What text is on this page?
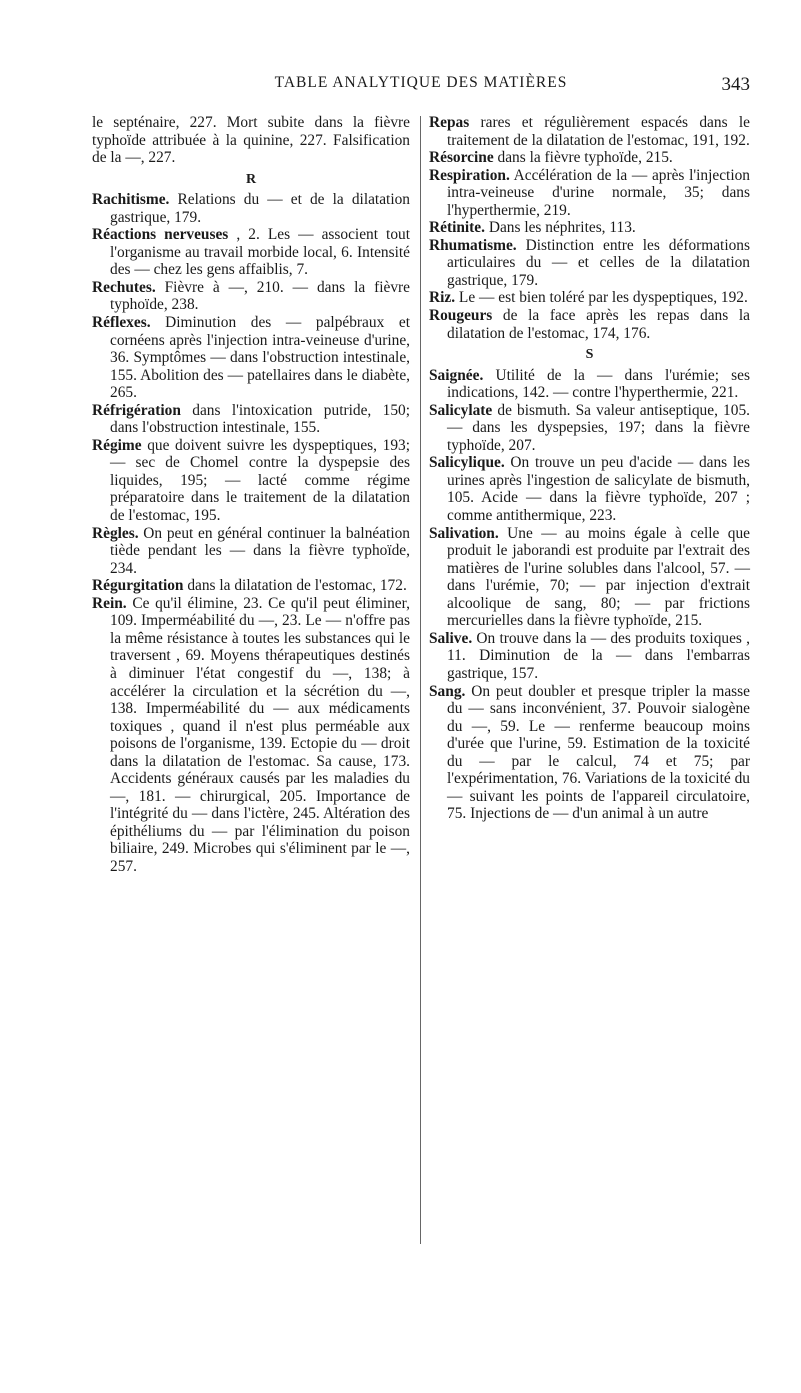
TABLE ANALYTIQUE DES MATIÈRES	343

le septénaire, 227. Mort subite dans la fièvre typhoïde attribuée à la quinine, 227. Falsification de la —, 227.

R

Rachitisme. Relations du — et de la dilatation gastrique, 179.

Réactions nerveuses , 2. Les — associent tout l'organisme au travail morbide local, 6. Intensité des — chez les gens affaiblis, 7.

Rechutes. Fièvre à —, 210. — dans la fièvre typhoïde, 238.

Réflexes. Diminution des — palpébraux et cornéens après l'injection intra-veineuse d'urine, 36. Symptômes — dans l'obstruction intestinale, 155. Abolition des — patellaires dans le diabète, 265.

Réfrigération dans l'intoxication putride, 150; dans l'obstruction intestinale, 155.

Régime que doivent suivre les dyspeptiques, 193; — sec de Chomel contre la dyspepsie des liquides, 195; — lacté comme régime préparatoire dans le traitement de la dilatation de l'estomac, 195.

Règles. On peut en général continuer la balnéation tiède pendant les — dans la fièvre typhoïde, 234.

Régurgitation dans la dilatation de l'estomac, 172.

Rein. Ce qu'il élimine, 23. Ce qu'il peut éliminer, 109. Imperméabilité du —, 23. Le — n'offre pas la même résistance à toutes les substances qui le traversent , 69. Moyens thérapeutiques destinés à diminuer l'état congestif du —, 138; à accélérer la circulation et la sécrétion du —, 138. Imperméabilité du — aux médicaments toxiques , quand il n'est plus perméable aux poisons de l'organisme, 139. Ectopie du — droit dans la dilatation de l'estomac. Sa cause, 173. Accidents généraux causés par les maladies du —, 181. — chirurgical, 205. Importance de l'intégrité du — dans l'ictère, 245. Altération des épithéliums du — par l'élimination du poison biliaire, 249. Microbes qui s'éliminent par le —, 257.

Repas rares et régulièrement espacés dans le traitement de la dilatation de l'estomac, 191, 192.

Résorcine dans la fièvre typhoïde, 215.

Respiration. Accélération de la — après l'injection intra-veineuse d'urine normale, 35; dans l'hyperthermie, 219.

Rétinite. Dans les néphrites, 113.

Rhumatisme. Distinction entre les déformations articulaires du — et celles de la dilatation gastrique, 179.

Riz. Le — est bien toléré par les dyspeptiques, 192.

Rougeurs de la face après les repas dans la dilatation de l'estomac, 174, 176.

S

Saignée. Utilité de la — dans l'urémie; ses indications, 142. — contre l'hyperthermie, 221.

Salicylate de bismuth. Sa valeur antiseptique, 105. — dans les dyspepsies, 197; dans la fièvre typhoïde, 207.

Salicylique. On trouve un peu d'acide — dans les urines après l'ingestion de salicylate de bismuth, 105. Acide — dans la fièvre typhoïde, 207 ; comme antithermique, 223.

Salivation. Une — au moins égale à celle que produit le jaborandi est produite par l'extrait des matières de l'urine solubles dans l'alcool, 57. — dans l'urémie, 70; — par injection d'extrait alcoolique de sang, 80; — par frictions mercurielles dans la fièvre typhoïde, 215.

Salive. On trouve dans la — des produits toxiques , 11. Diminution de la — dans l'embarras gastrique, 157.

Sang. On peut doubler et presque tripler la masse du — sans inconvénient, 37. Pouvoir sialogène du —, 59. Le — renferme beaucoup moins d'urée que l'urine, 59. Estimation de la toxicité du — par le calcul, 74 et 75; par l'expérimentation, 76. Variations de la toxicité du — suivant les points de l'appareil circulatoire, 75. Injections de — d'un animal à un autre
